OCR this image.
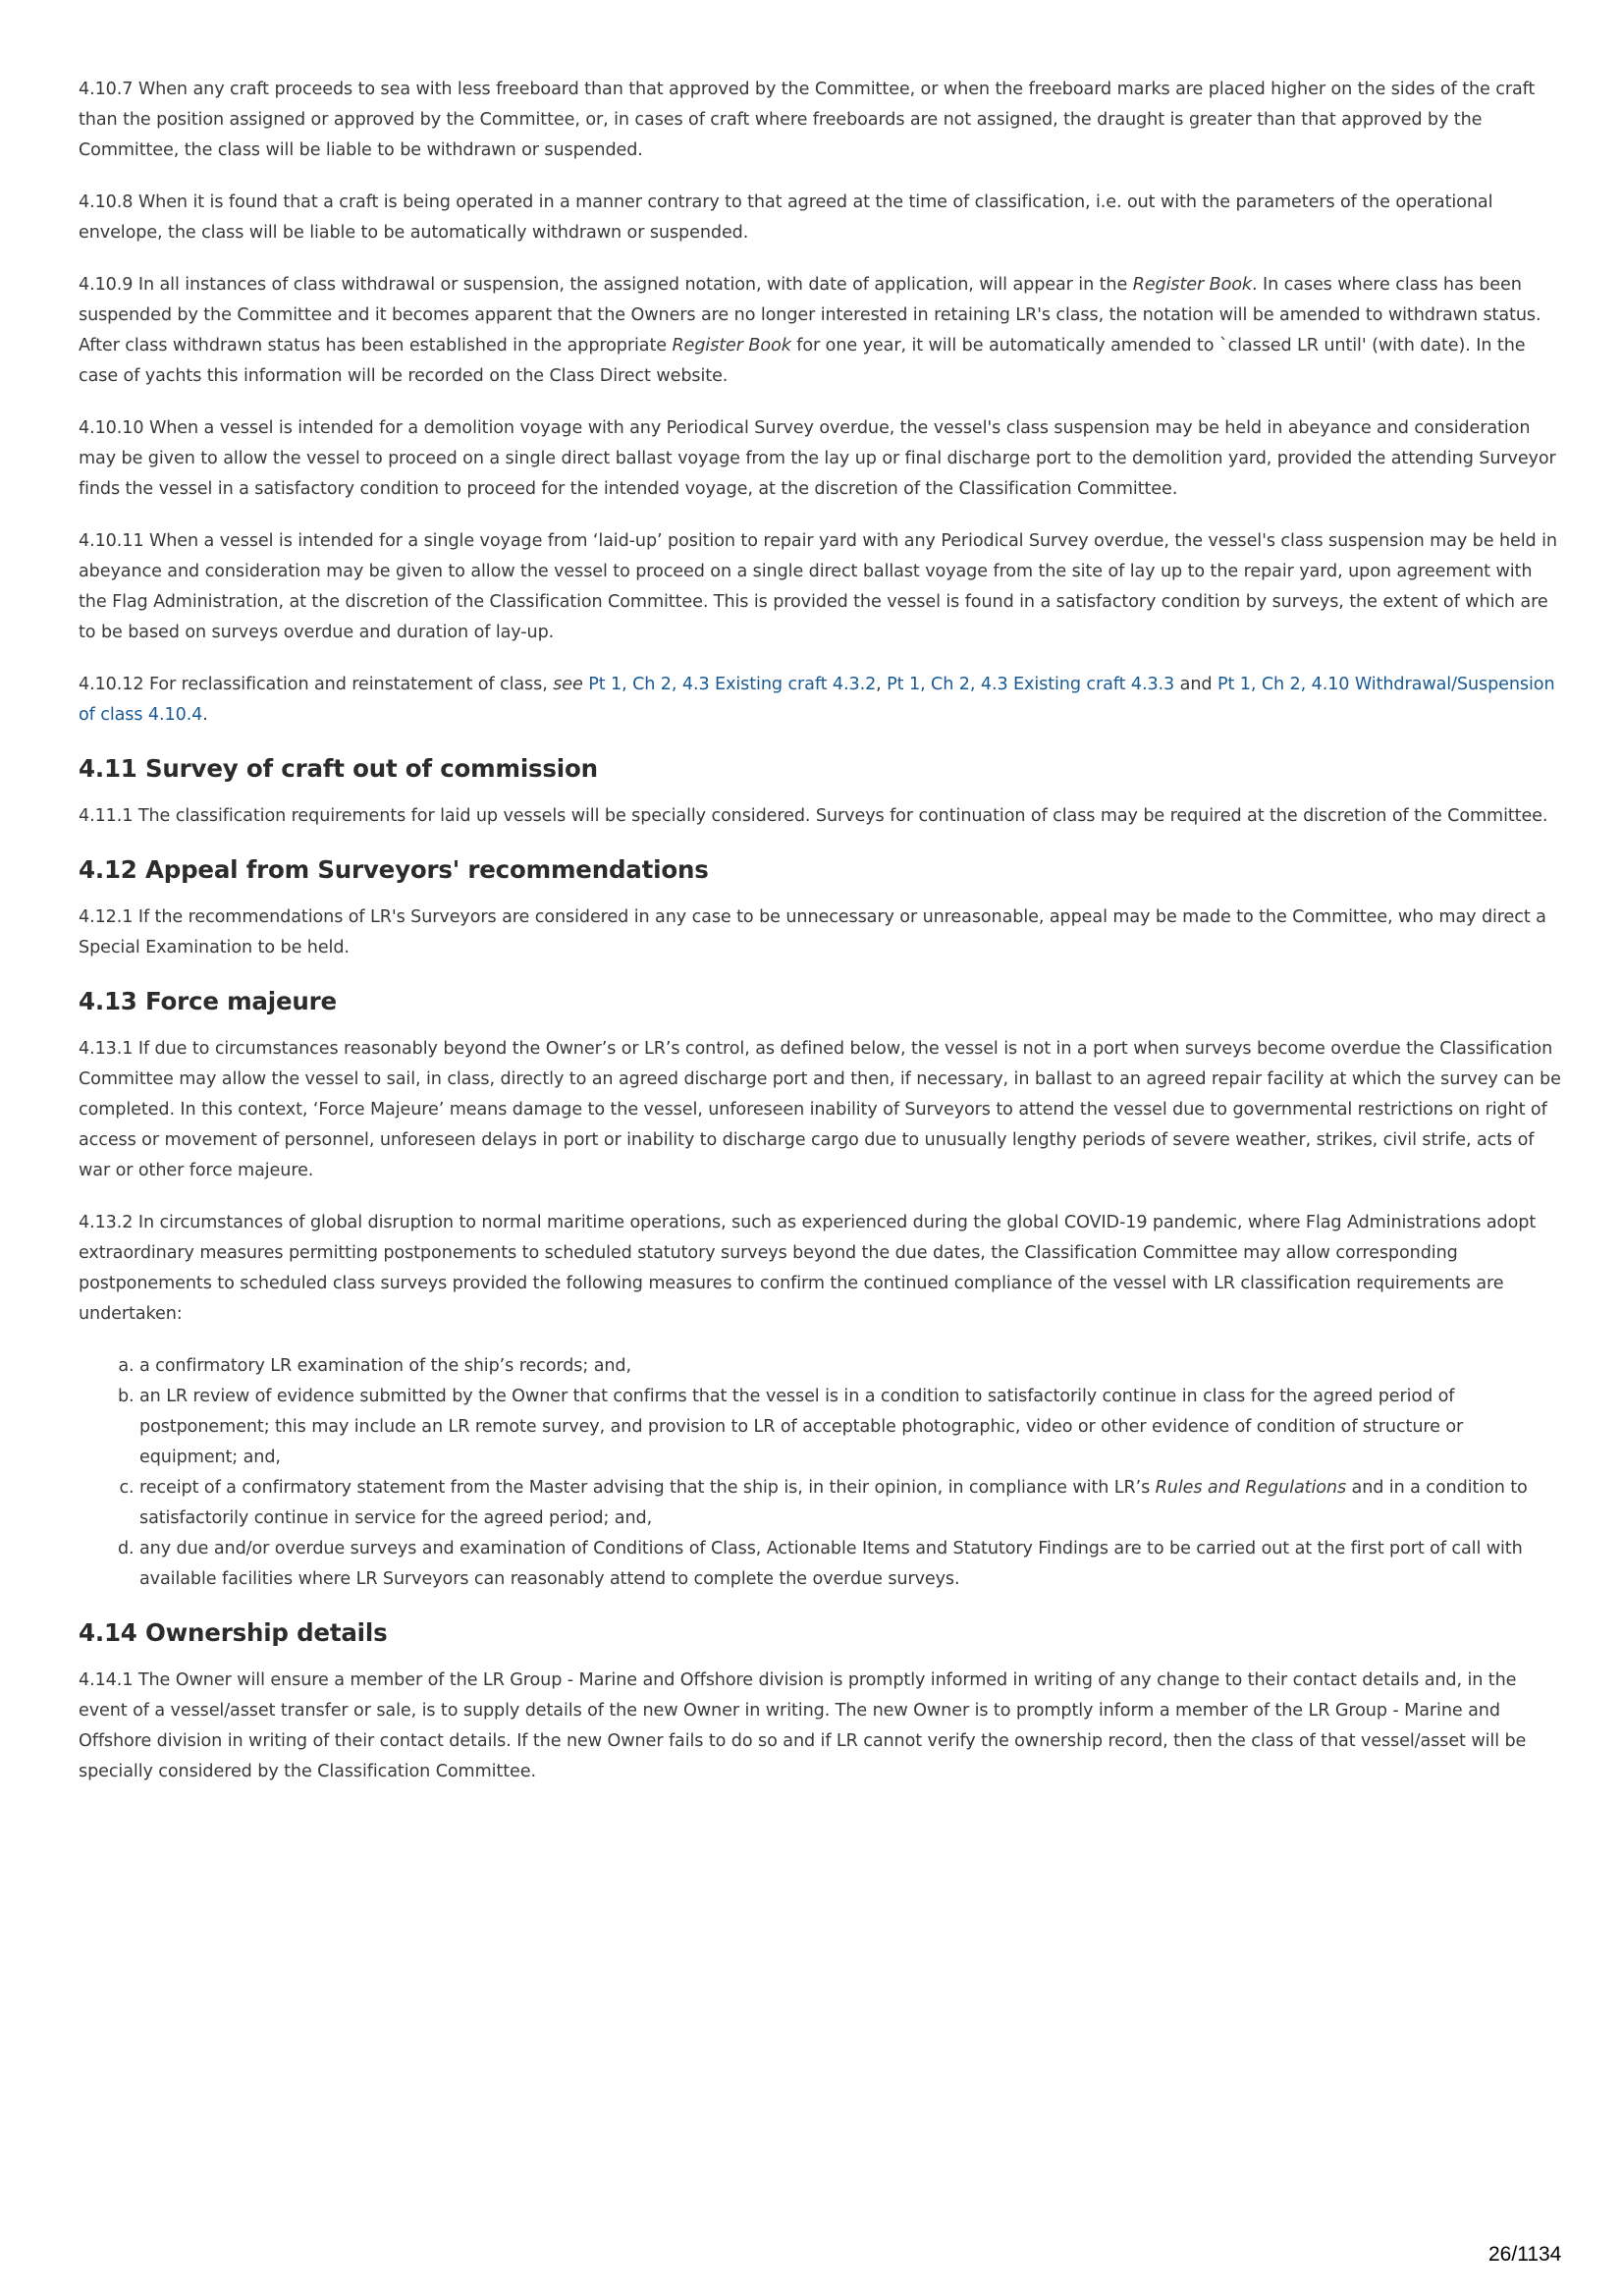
4.10.7 When any craft proceeds to sea with less freeboard than that approved by the Committee, or when the freeboard marks are placed higher on the sides of the craft than the position assigned or approved by the Committee, or, in cases of craft where freeboards are not assigned, the draught is greater than that approved by the Committee, the class will be liable to be withdrawn or suspended.

4.10.8 When it is found that a craft is being operated in a manner contrary to that agreed at the time of classification, i.e. out with the parameters of the operational envelope, the class will be liable to be automatically withdrawn or suspended.

4.10.9 In all instances of class withdrawal or suspension, the assigned notation, with date of application, will appear in the Register Book. In cases where class has been suspended by the Committee and it becomes apparent that the Owners are no longer interested in retaining LR's class, the notation will be amended to withdrawn status. After class withdrawn status has been established in the appropriate Register Book for one year, it will be automatically amended to `classed LR until' (with date). In the case of yachts this information will be recorded on the Class Direct website.

4.10.10 When a vessel is intended for a demolition voyage with any Periodical Survey overdue, the vessel's class suspension may be held in abeyance and consideration may be given to allow the vessel to proceed on a single direct ballast voyage from the lay up or final discharge port to the demolition yard, provided the attending Surveyor finds the vessel in a satisfactory condition to proceed for the intended voyage, at the discretion of the Classification Committee.

4.10.11 When a vessel is intended for a single voyage from ‘laid-up’ position to repair yard with any Periodical Survey overdue, the vessel's class suspension may be held in abeyance and consideration may be given to allow the vessel to proceed on a single direct ballast voyage from the site of lay up to the repair yard, upon agreement with the Flag Administration, at the discretion of the Classification Committee. This is provided the vessel is found in a satisfactory condition by surveys, the extent of which are to be based on surveys overdue and duration of lay-up.

4.10.12 For reclassification and reinstatement of class, see Pt 1, Ch 2, 4.3 Existing craft 4.3.2, Pt 1, Ch 2, 4.3 Existing craft 4.3.3 and Pt 1, Ch 2, 4.10 Withdrawal/Suspension of class 4.10.4.

4.11 Survey of craft out of commission

4.11.1 The classification requirements for laid up vessels will be specially considered. Surveys for continuation of class may be required at the discretion of the Committee.

4.12 Appeal from Surveyors' recommendations

4.12.1 If the recommendations of LR's Surveyors are considered in any case to be unnecessary or unreasonable, appeal may be made to the Committee, who may direct a Special Examination to be held.

4.13 Force majeure

4.13.1 If due to circumstances reasonably beyond the Owner’s or LR’s control, as defined below, the vessel is not in a port when surveys become overdue the Classification Committee may allow the vessel to sail, in class, directly to an agreed discharge port and then, if necessary, in ballast to an agreed repair facility at which the survey can be completed. In this context, ‘Force Majeure’ means damage to the vessel, unforeseen inability of Surveyors to attend the vessel due to governmental restrictions on right of access or movement of personnel, unforeseen delays in port or inability to discharge cargo due to unusually lengthy periods of severe weather, strikes, civil strife, acts of war or other force majeure.

4.13.2 In circumstances of global disruption to normal maritime operations, such as experienced during the global COVID-19 pandemic, where Flag Administrations adopt extraordinary measures permitting postponements to scheduled statutory surveys beyond the due dates, the Classification Committee may allow corresponding postponements to scheduled class surveys provided the following measures to confirm the continued compliance of the vessel with LR classification requirements are undertaken:

a. a confirmatory LR examination of the ship’s records; and,
b. an LR review of evidence submitted by the Owner that confirms that the vessel is in a condition to satisfactorily continue in class for the agreed period of postponement; this may include an LR remote survey, and provision to LR of acceptable photographic, video or other evidence of condition of structure or equipment; and,
c. receipt of a confirmatory statement from the Master advising that the ship is, in their opinion, in compliance with LR’s Rules and Regulations and in a condition to satisfactorily continue in service for the agreed period; and,
d. any due and/or overdue surveys and examination of Conditions of Class, Actionable Items and Statutory Findings are to be carried out at the first port of call with available facilities where LR Surveyors can reasonably attend to complete the overdue surveys.
4.14 Ownership details

4.14.1 The Owner will ensure a member of the LR Group - Marine and Offshore division is promptly informed in writing of any change to their contact details and, in the event of a vessel/asset transfer or sale, is to supply details of the new Owner in writing. The new Owner is to promptly inform a member of the LR Group - Marine and Offshore division in writing of their contact details. If the new Owner fails to do so and if LR cannot verify the ownership record, then the class of that vessel/asset will be specially considered by the Classification Committee.

26/1134
